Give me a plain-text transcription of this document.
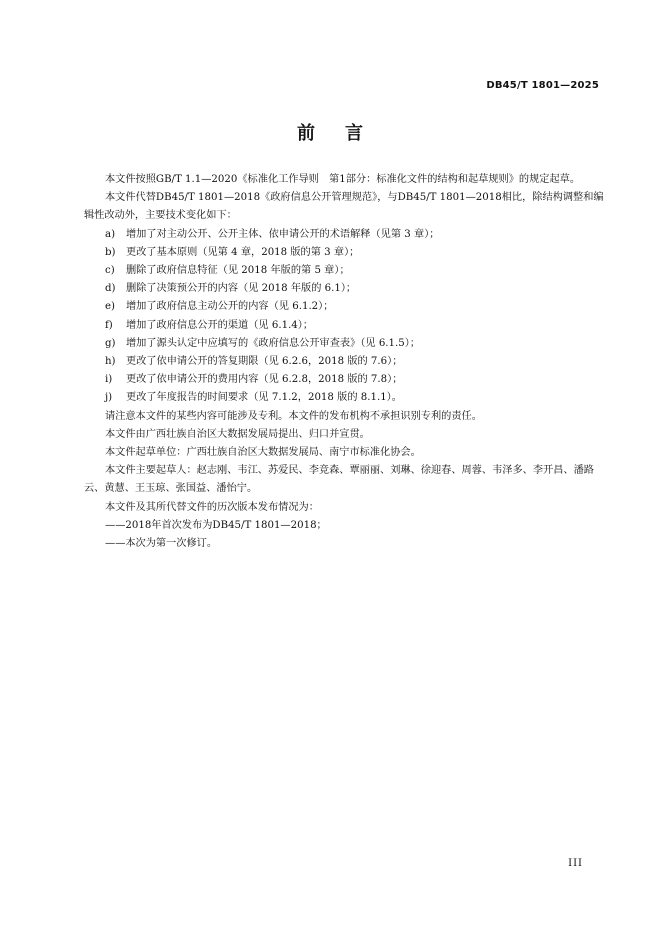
DB45/T 1801—2025
前言

本文件按照GB/T 1.1—2020《标准化工作导则　第1部分：标准化文件的结构和起草规则》的规定起草。

本文件代替DB45/T 1801—2018《政府信息公开管理规范》，与DB45/T 1801—2018相比，除结构调整和编辑性改动外，主要技术变化如下：

a)	增加了对主动公开、公开主体、依申请公开的术语解释（见第 3 章）；
b)	更改了基本原则（见第 4 章，2018 版的第 3 章）；
c)	删除了政府信息特征（见 2018 年版的第 5 章）；
d)	删除了决策预公开的内容（见 2018 年版的 6.1）；
e)	增加了政府信息主动公开的内容（见 6.1.2）；
f)	增加了政府信息公开的渠道（见 6.1.4）；
g)	增加了源头认定中应填写的《政府信息公开审查表》（见 6.1.5）；
h)	更改了依申请公开的答复期限（见 6.2.6，2018 版的 7.6）；
i)	更改了依申请公开的费用内容（见 6.2.8，2018 版的 7.8）；
j)	更改了年度报告的时间要求（见 7.1.2，2018 版的 8.1.1）。

请注意本文件的某些内容可能涉及专利。本文件的发布机构不承担识别专利的责任。

本文件由广西壮族自治区大数据发展局提出、归口并宣贯。

本文件起草单位：广西壮族自治区大数据发展局、南宁市标准化协会。

本文件主要起草人：赵志刚、韦江、苏爱民、李竞森、覃丽丽、刘琳、徐迎春、周蓉、韦泽多、李开昌、潘路云、黄慧、王玉琼、张国益、潘怡宁。

本文件及其所代替文件的历次版本发布情况为：

——2018年首次发布为DB45/T 1801—2018；

——本次为第一次修订。

III
